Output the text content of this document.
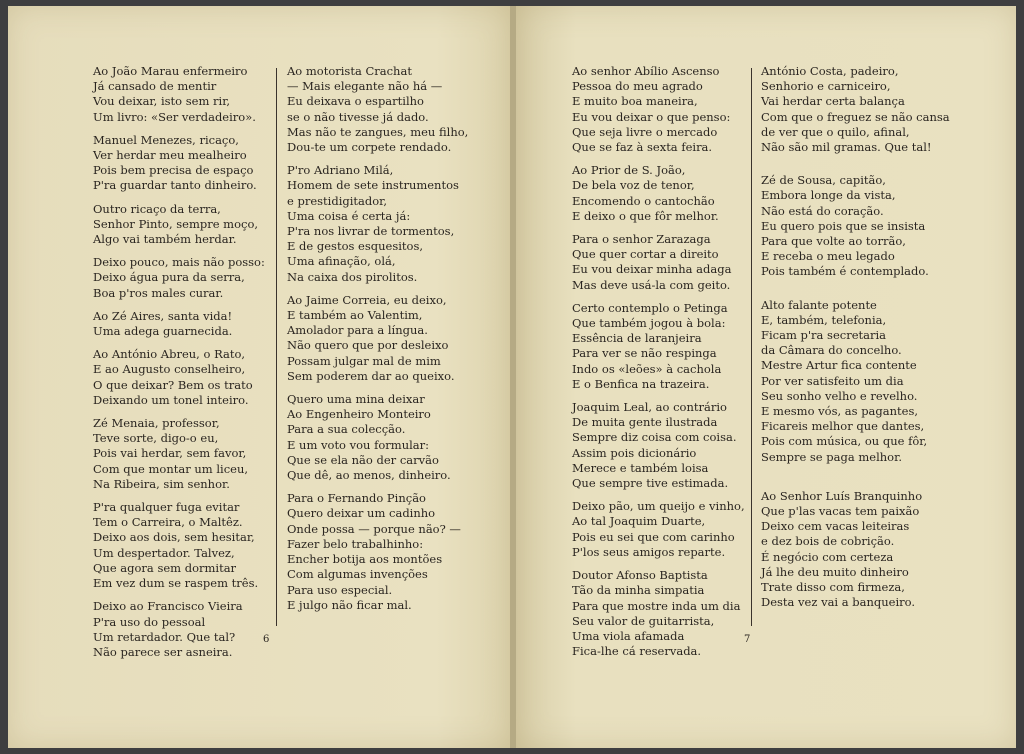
Ao João Marau enfermeiro
Já cansado de mentir
Vou deixar, isto sem rir,
Um livro: «Ser verdadeiro».
Manuel Menezes, ricaço,
Ver herdar meu mealheiro
Pois bem precisa de espaço
P'ra guardar tanto dinheiro.
Outro ricaço da terra,
Senhor Pinto, sempre moço,
Algo vai também herdar.
Deixo pouco, mais não posso:
Deixo água pura da serra,
Boa p'ros males curar.
Ao Zé Aires, santa vida!
Uma adega guarnecida.
Ao António Abreu, o Rato,
E ao Augusto conselheiro,
O que deixar? Bem os trato
Deixando um tonel inteiro.
Zé Menaia, professor,
Teve sorte, digo-o eu,
Pois vai herdar, sem favor,
Com que montar um liceu,
Na Ribeira, sim senhor.
P'ra qualquer fuga evitar
Tem o Carreira, o Maltêz.
Deixo aos dois, sem hesitar,
Um despertador. Talvez,
Que agora sem dormitar
Em vez dum se raspem três.
Deixo ao Francisco Vieira
P'ra uso do pessoal
Um retardador. Que tal?
Não parece ser asneira.
Ao motorista Crachat
— Mais elegante não há —
Eu deixava o espartilho
se o não tivesse já dado.
Mas não te zangues, meu filho,
Dou-te um corpete rendado.
P'ro Adriano Milá,
Homem de sete instrumentos
e prestidigitador,
Uma coisa é certa já:
P'ra nos livrar de tormentos,
E de gestos esquesitos,
Uma afinação, olá,
Na caixa dos pirolitos.
Ao Jaime Correia, eu deixo,
E também ao Valentim,
Amolador para a língua.
Não quero que por desleixo
Possam julgar mal de mim
Sem poderem dar ao queixo.
Quero uma mina deixar
Ao Engenheiro Monteiro
Para a sua colecção.
E um voto vou formular:
Que se ela não der carvão
Que dê, ao menos, dinheiro.
Para o Fernando Pinção
Quero deixar um cadinho
Onde possa — porque não? —
Fazer belo trabalhinho:
Encher botija aos montões
Com algumas invenções
Para uso especial.
E julgo não ficar mal.
6
Ao senhor Abílio Ascenso
Pessoa do meu agrado
E muito boa maneira,
Eu vou deixar o que penso:
Que seja livre o mercado
Que se faz à sexta feira.
Ao Prior de S. João,
De bela voz de tenor,
Encomendo o cantochão
E deixo o que fôr melhor.
Para o senhor Zarazaga
Que quer cortar a direito
Eu vou deixar minha adaga
Mas deve usá-la com geito.
Certo contemplo o Petinga
Que também jogou à bola:
Essência de laranjeira
Para ver se não respinga
Indo os «leões» à cachola
E o Benfica na trazeira.
Joaquim Leal, ao contrário
De muita gente ilustrada
Sempre diz coisa com coisa.
Assim pois dicionário
Merece e também loisa
Que sempre tive estimada.
Deixo pão, um queijo e vinho,
Ao tal Joaquim Duarte,
Pois eu sei que com carinho
P'los seus amigos reparte.
Doutor Afonso Baptista
Tão da minha simpatia
Para que mostre inda um dia
Seu valor de guitarrista,
Uma viola afamada
Fica-lhe cá reservada.
António Costa, padeiro,
Senhorio e carniceiro,
Vai herdar certa balança
Com que o freguez se não cansa
de ver que o quilo, afinal,
Não são mil gramas. Que tal!
Zé de Sousa, capitão,
Embora longe da vista,
Não está do coração.
Eu quero pois que se insista
Para que volte ao torrão,
E receba o meu legado
Pois também é contemplado.
Alto falante potente
E, também, telefonia,
Ficam p'ra secretaria
da Câmara do concelho.
Mestre Artur fica contente
Por ver satisfeito um dia
Seu sonho velho e revelho.
E mesmo vós, as pagantes,
Ficareis melhor que dantes,
Pois com música, ou que fôr,
Sempre se paga melhor.
Ao Senhor Luís Branquinho
Que p'las vacas tem paixão
Deixo cem vacas leiteiras
e dez bois de cobrição.
É negócio com certeza
Já lhe deu muito dinheiro
Trate disso com firmeza,
Desta vez vai a banqueiro.
7
